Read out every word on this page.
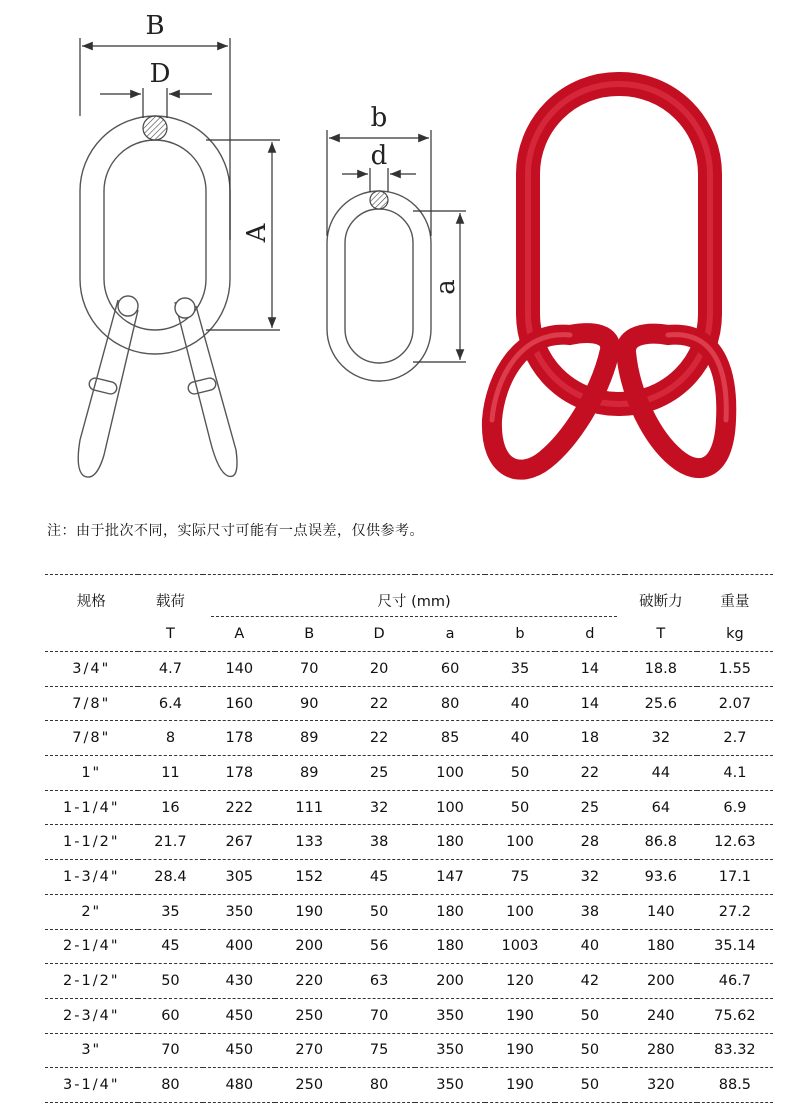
B
D
A
b
d
a
注：由于批次不同，实际尺寸可能有一点误差，仅供参考。
规格	载荷	尺寸 (mm)						破断力	重量
	T	A	B	D	a	b	d	T	kg
3/4"	4.7	140	70	20	60	35	14	18.8	1.55
7/8"	6.4	160	90	22	80	40	14	25.6	2.07
7/8"	8	178	89	22	85	40	18	32	2.7
1"	11	178	89	25	100	50	22	44	4.1
1-1/4"	16	222	111	32	100	50	25	64	6.9
1-1/2"	21.7	267	133	38	180	100	28	86.8	12.63
1-3/4"	28.4	305	152	45	147	75	32	93.6	17.1
2"	35	350	190	50	180	100	38	140	27.2
2-1/4"	45	400	200	56	180	1003	40	180	35.14
2-1/2"	50	430	220	63	200	120	42	200	46.7
2-3/4"	60	450	250	70	350	190	50	240	75.62
3"	70	450	270	75	350	190	50	280	83.32
3-1/4"	80	480	250	80	350	190	50	320	88.5
